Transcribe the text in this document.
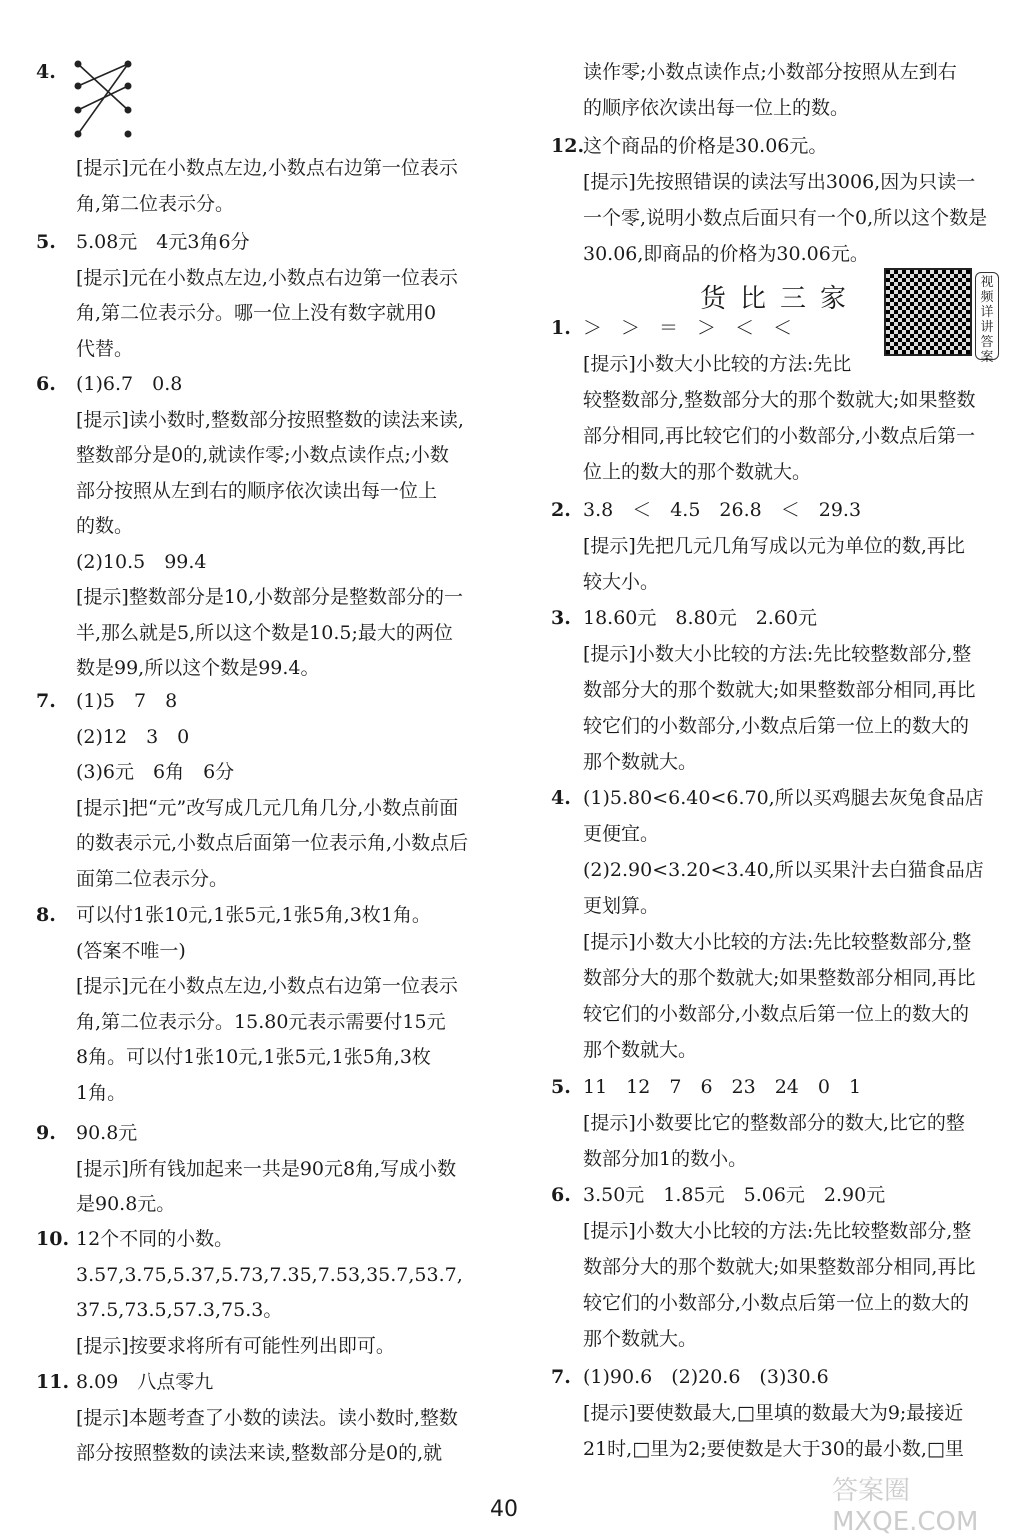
4.
[提示]元在小数点左边,小数点右边第一位表示
角,第二位表示分。
5. 5.08元　4元3角6分
[提示]元在小数点左边,小数点右边第一位表示
角,第二位表示分。哪一位上没有数字就用0
代替。
6. (1)6.7　0.8
[提示]读小数时,整数部分按照整数的读法来读,
整数部分是0的,就读作零;小数点读作点;小数
部分按照从左到右的顺序依次读出每一位上
的数。
(2)10.5　99.4
[提示]整数部分是10,小数部分是整数部分的一
半,那么就是5,所以这个数是10.5;最大的两位
数是99,所以这个数是99.4。
7. (1)5　7　8
(2)12　3　0
(3)6元　6角　6分
[提示]把“元”改写成几元几角几分,小数点前面
的数表示元,小数点后面第一位表示角,小数点后
面第二位表示分。
8. 可以付1张10元,1张5元,1张5角,3枚1角。
(答案不唯一)
[提示]元在小数点左边,小数点右边第一位表示
角,第二位表示分。15.80元表示需要付15元
8角。可以付1张10元,1张5元,1张5角,3枚
1角。
9. 90.8元
[提示]所有钱加起来一共是90元8角,写成小数
是90.8元。
10. 12个不同的小数。
3.57,3.75,5.37,5.73,7.35,7.53,35.7,53.7,
37.5,73.5,57.3,75.3。
[提示]按要求将所有可能性列出即可。
11. 8.09　八点零九
[提示]本题考查了小数的读法。读小数时,整数
部分按照整数的读法来读,整数部分是0的,就
读作零;小数点读作点;小数部分按照从左到右
的顺序依次读出每一位上的数。
12.
这个商品的价格是30.06元。
[提示]先按照错误的读法写出3006,因为只读一
一个零,说明小数点后面只有一个0,所以这个数是
30.06,即商品的价格为30.06元。
1. ＞　＞　＝　＞　＜　＜
[提示]小数大小比较的方法:先比
较整数部分,整数部分大的那个数就大;如果整数
部分相同,再比较它们的小数部分,小数点后第一
位上的数大的那个数就大。
2. 3.8　＜　4.5　26.8　＜　29.3
[提示]先把几元几角写成以元为单位的数,再比
较大小。
3. 18.60元　8.80元　2.60元
[提示]小数大小比较的方法:先比较整数部分,整
数部分大的那个数就大;如果整数部分相同,再比
较它们的小数部分,小数点后第一位上的数大的
那个数就大。
4. (1)5.80<6.40<6.70,所以买鸡腿去灰兔食品店
更便宜。
(2)2.90<3.20<3.40,所以买果汁去白猫食品店
更划算。
[提示]小数大小比较的方法:先比较整数部分,整
数部分大的那个数就大;如果整数部分相同,再比
较它们的小数部分,小数点后第一位上的数大的
那个数就大。
5. 11　12　7　6　23　24　0　1
[提示]小数要比它的整数部分的数大,比它的整
数部分加1的数小。
6. 3.50元　1.85元　5.06元　2.90元
[提示]小数大小比较的方法:先比较整数部分,整
数部分大的那个数就大;如果整数部分相同,再比
较它们的小数部分,小数点后第一位上的数大的
那个数就大。
7. (1)90.6　(2)20.6　(3)30.6
[提示]要使数最大,□里填的数最大为9;最接近
21时,□里为2;要使数是大于30的最小数,□里
货比三家
视频详讲答案
40
答案圈 MXQE.COM
